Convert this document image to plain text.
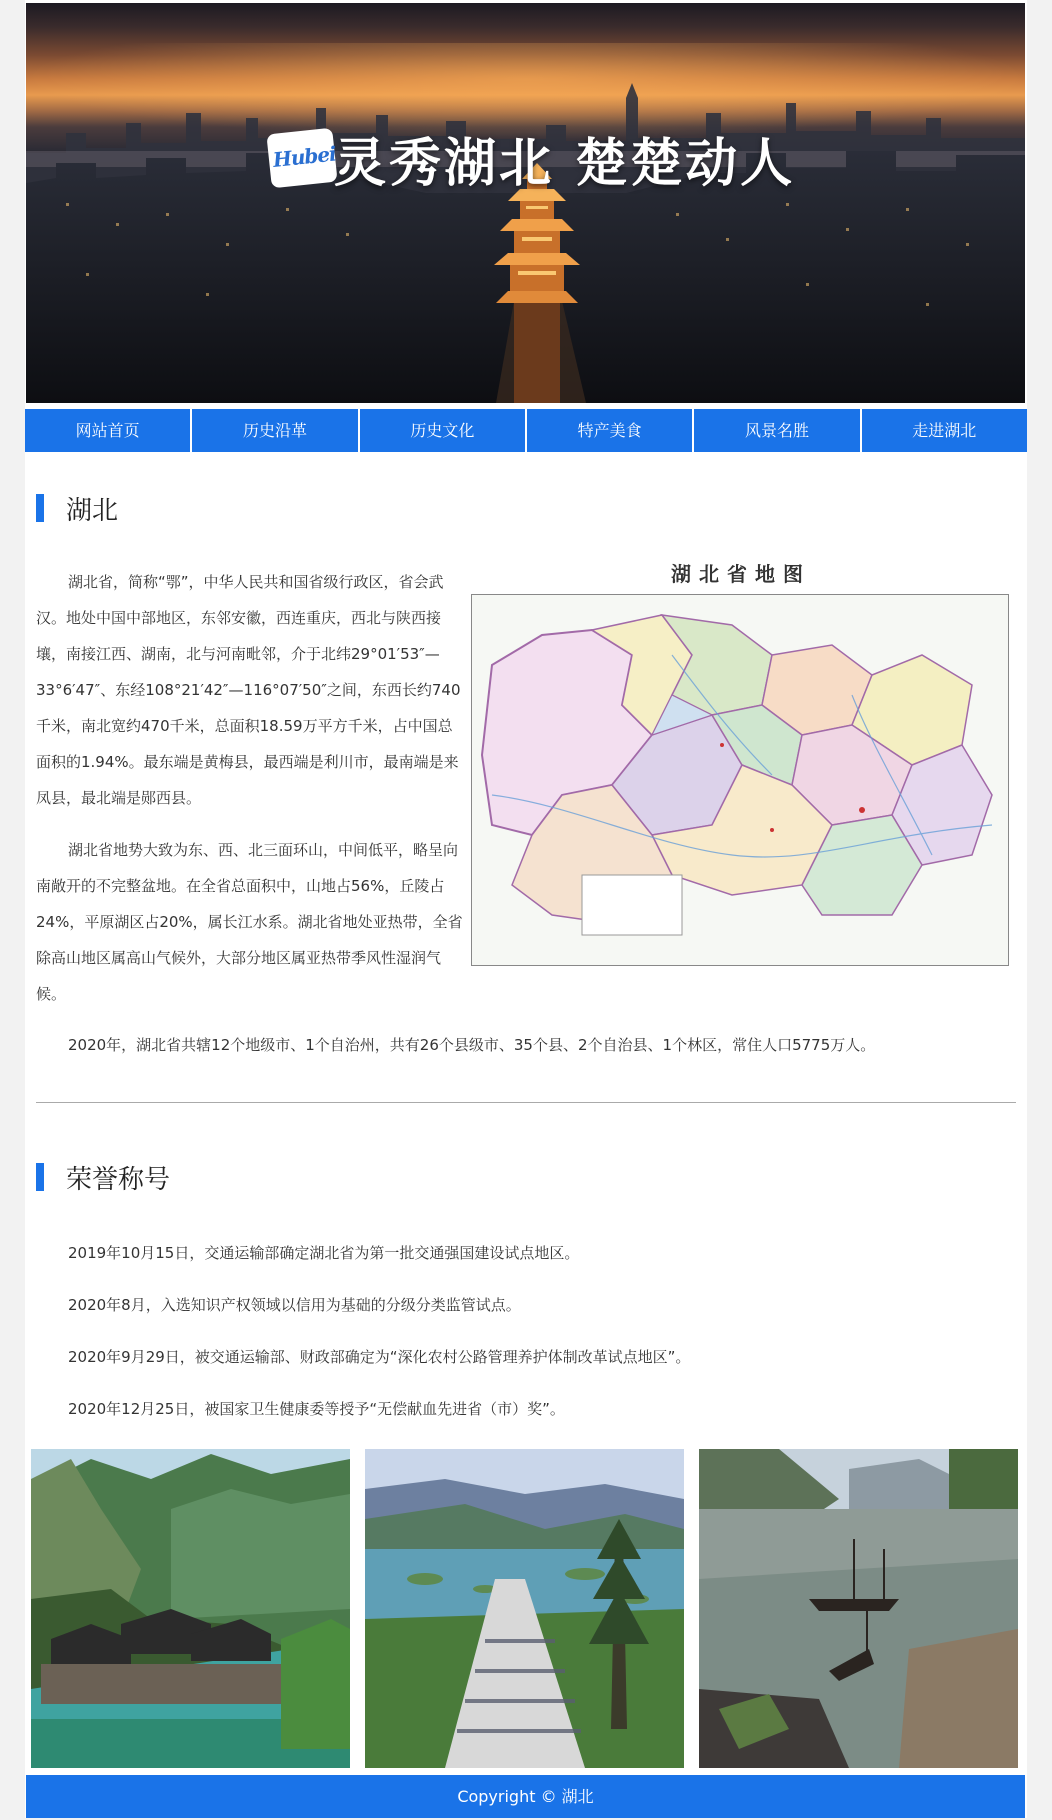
Hubei
灵秀湖北 楚楚动人
网站首页	历史沿革	历史文化	特产美食	风景名胜	走进湖北
湖北

湖北省，简称“鄂”，中华人民共和国省级行政区，省会武汉。地处中国中部地区，东邻安徽，西连重庆，西北与陕西接壤，南接江西、湖南，北与河南毗邻，介于北纬29°01′53″—33°6′47″、东经108°21′42″—116°07′50″之间，东西长约740千米，南北宽约470千米，总面积18.59万平方千米，占中国总面积的1.94%。最东端是黄梅县，最西端是利川市，最南端是来凤县，最北端是郧西县。

湖北省地势大致为东、西、北三面环山，中间低平，略呈向南敞开的不完整盆地。在全省总面积中，山地占56%，丘陵占24%，平原湖区占20%，属长江水系。湖北省地处亚热带，全省除高山地区属高山气候外，大部分地区属亚热带季风性湿润气候。

湖北省地图

2020年，湖北省共辖12个地级市、1个自治州，共有26个县级市、35个县、2个自治县、1个林区，常住人口5775万人。

荣誉称号

2019年10月15日，交通运输部确定湖北省为第一批交通强国建设试点地区。

2020年8月，入选知识产权领域以信用为基础的分级分类监管试点。

2020年9月29日，被交通运输部、财政部确定为“深化农村公路管理养护体制改革试点地区”。

2020年12月25日，被国家卫生健康委等授予“无偿献血先进省（市）奖”。

Copyright © 湖北
